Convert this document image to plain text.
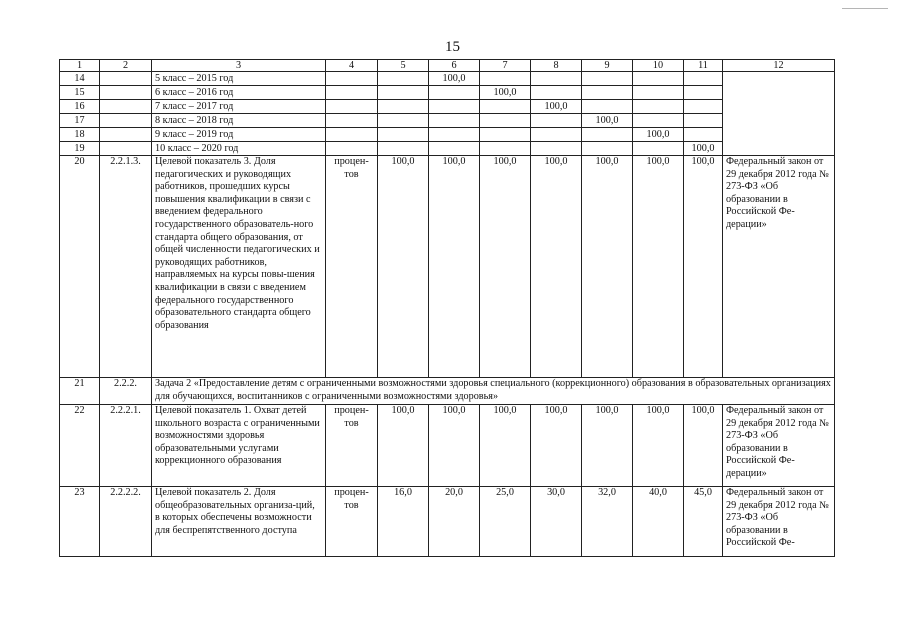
15
1	2	3	4	5	6	7	8	9	10	11	12
14		5 класс – 2015 год			100,0						
15		6 класс – 2016 год				100,0					
16		7 класс – 2017 год					100,0				
17		8 класс – 2018 год						100,0			
18		9 класс – 2019 год							100,0		
19		10 класс – 2020 год								100,0	
20	2.2.1.3.	Целевой показатель 3. Доля педагогических и руководящих работников, прошедших курсы повышения квалификации в связи с введением федерального государственного образователь-ного стандарта общего образования, от общей численности педагогических и руководящих работников, направляемых на курсы повы-шения квалификации в связи с введением федерального государственного образовательного стандарта общего образования	процен-тов	100,0	100,0	100,0	100,0	100,0	100,0	100,0	Федеральный закон от 29 декабря 2012 года № 273-ФЗ «Об образовании в Российской Фе-дерации»
21	2.2.2.	Задача 2 «Предоставление детям с ограниченными возможностями здоровья специального (коррекционного) образования в образовательных организациях для обучающихся, воспитанников с ограниченными возможностями здоровья»									
22	2.2.2.1.	Целевой показатель 1. Охват детей школьного возраста с ограниченными возможностями здоровья образовательными услугами коррекционного образования	процен-тов	100,0	100,0	100,0	100,0	100,0	100,0	100,0	Федеральный закон от 29 декабря 2012 года № 273-ФЗ «Об образовании в Российской Фе-дерации»
23	2.2.2.2.	Целевой показатель 2. Доля общеобразовательных организа-ций, в которых обеспечены возможности для беспрепятственного доступа	процен-тов	16,0	20,0	25,0	30,0	32,0	40,0	45,0	Федеральный закон от 29 декабря 2012 года № 273-ФЗ «Об образовании в Российской Фе-
